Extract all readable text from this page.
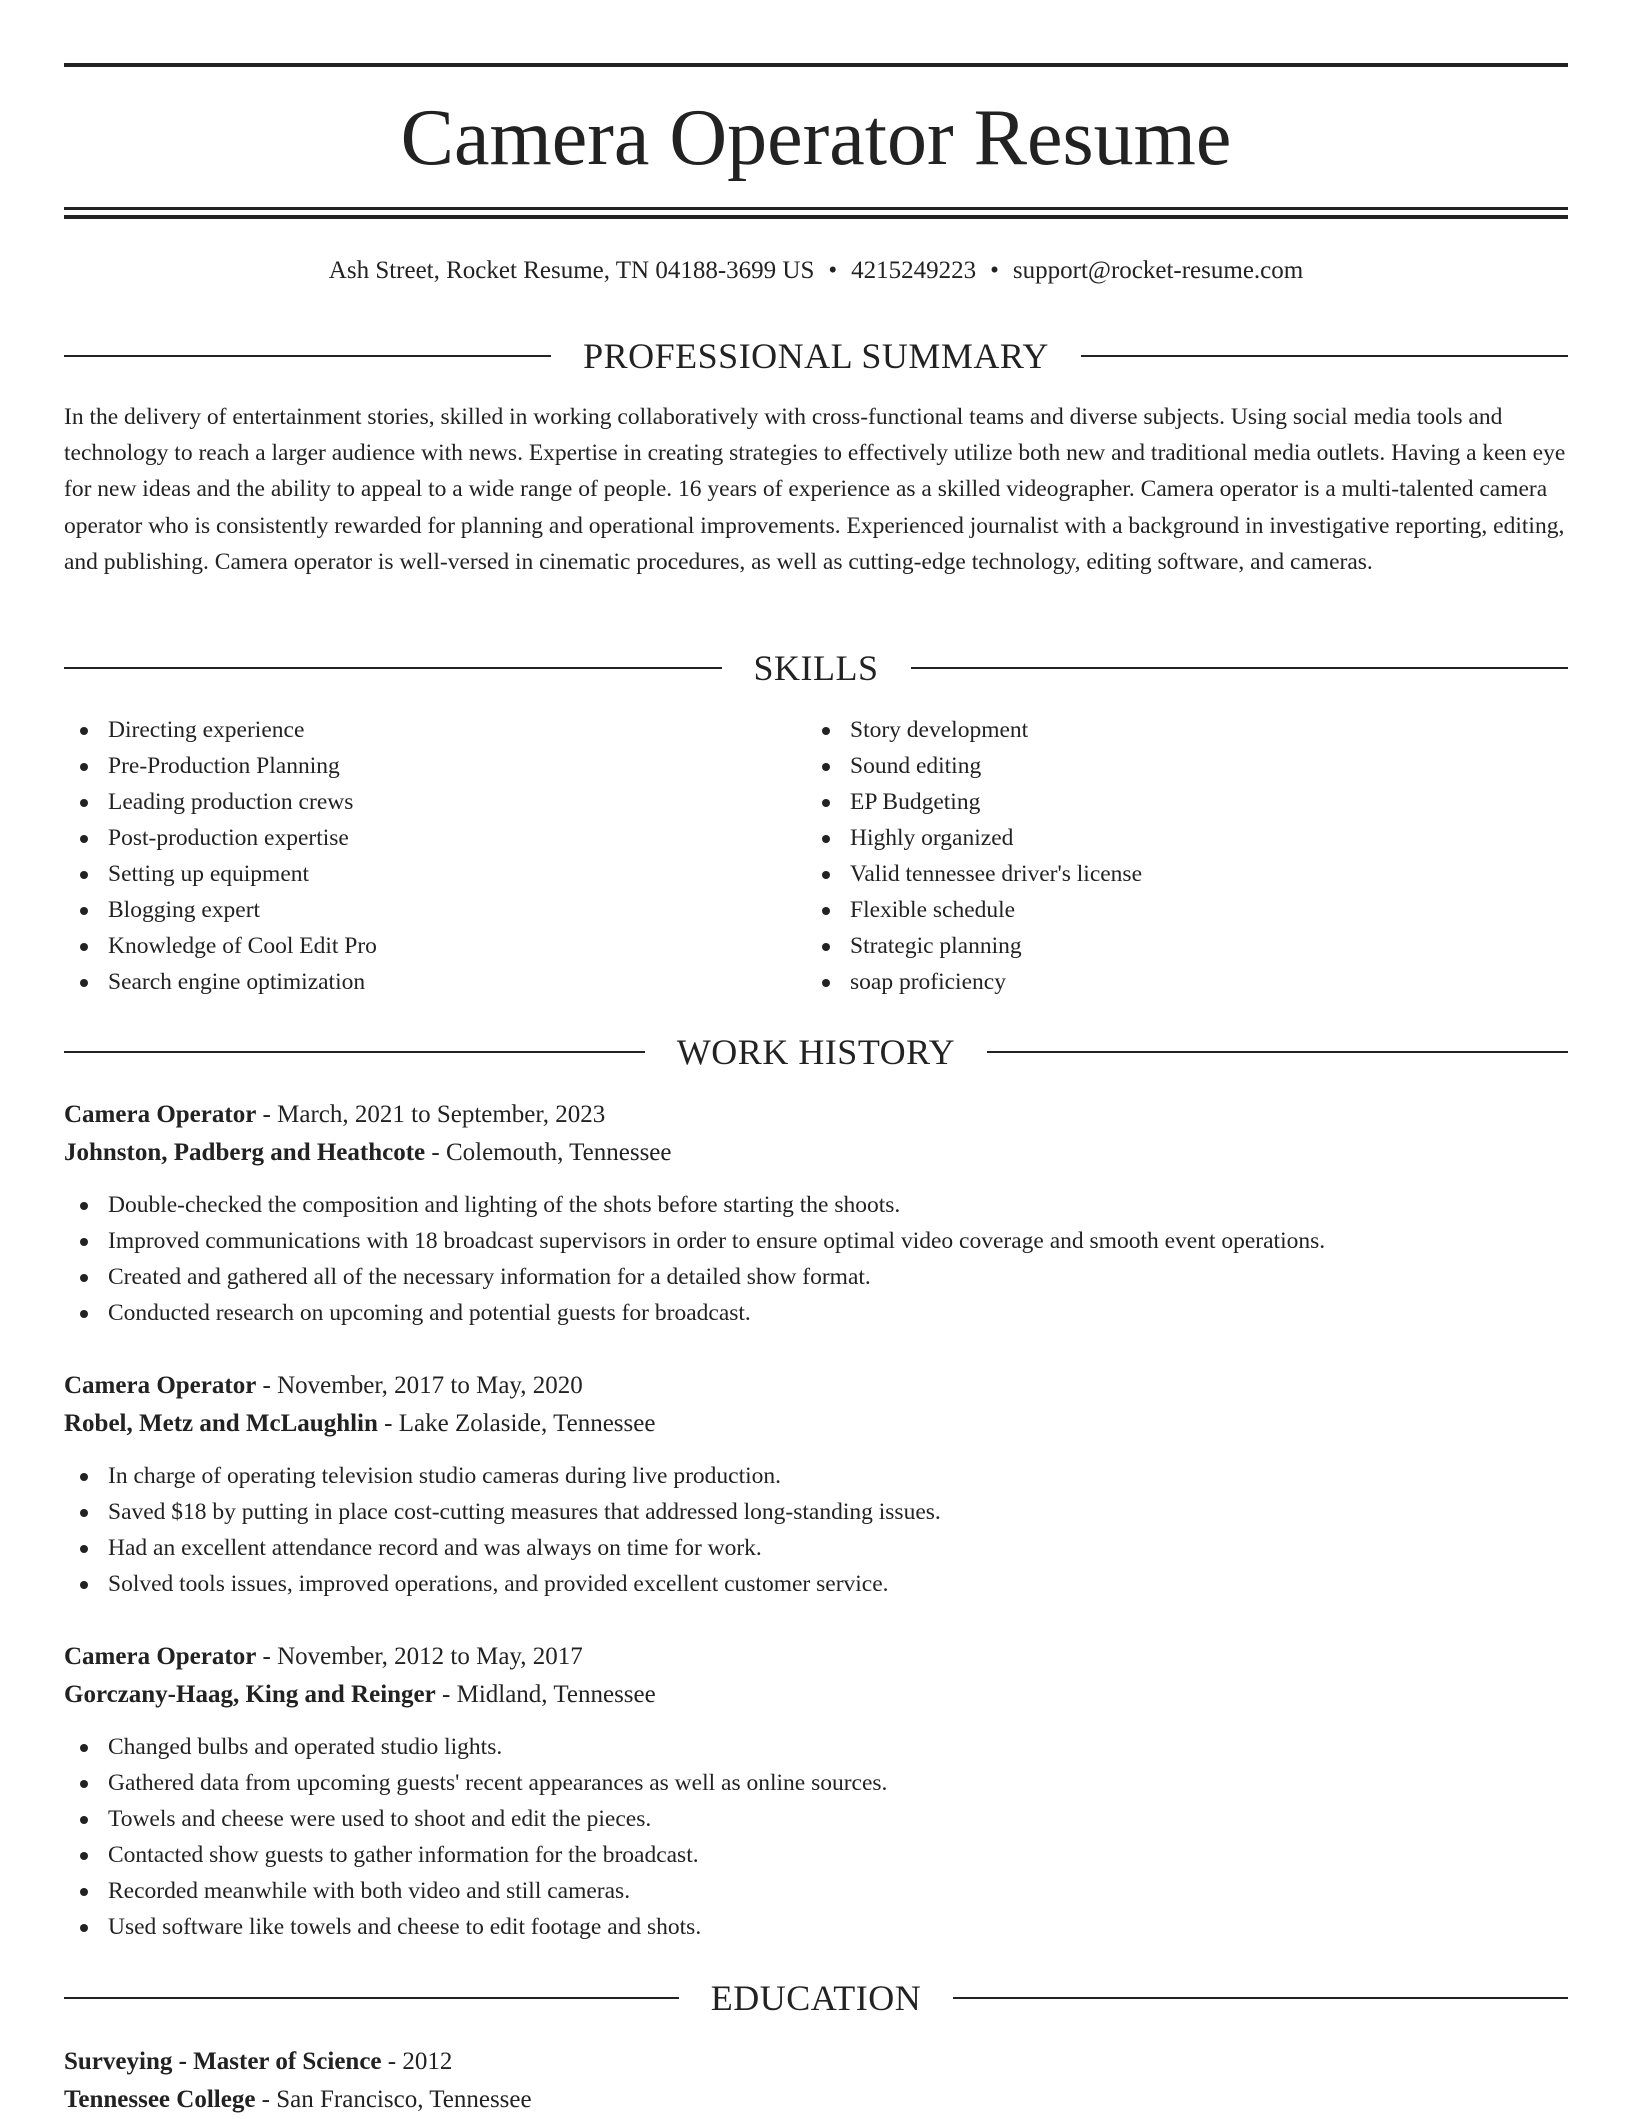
Camera Operator Resume
Ash Street, Rocket Resume, TN 04188-3699 US • 4215249223 • support@rocket-resume.com
PROFESSIONAL SUMMARY

In the delivery of entertainment stories, skilled in working collaboratively with cross-functional teams and diverse subjects. Using social media tools and technology to reach a larger audience with news. Expertise in creating strategies to effectively utilize both new and traditional media outlets. Having a keen eye for new ideas and the ability to appeal to a wide range of people. 16 years of experience as a skilled videographer. Camera operator is a multi-talented camera operator who is consistently rewarded for planning and operational improvements. Experienced journalist with a background in investigative reporting, editing, and publishing. Camera operator is well-versed in cinematic procedures, as well as cutting-edge technology, editing software, and cameras.

SKILLS
Directing experience
Pre-Production Planning
Leading production crews
Post-production expertise
Setting up equipment
Blogging expert
Knowledge of Cool Edit Pro
Search engine optimization
Story development
Sound editing
EP Budgeting
Highly organized
Valid tennessee driver's license
Flexible schedule
Strategic planning
soap proficiency
WORK HISTORY
Camera Operator - March, 2021 to September, 2023
Johnston, Padberg and Heathcote - Colemouth, Tennessee
Double-checked the composition and lighting of the shots before starting the shoots.
Improved communications with 18 broadcast supervisors in order to ensure optimal video coverage and smooth event operations.
Created and gathered all of the necessary information for a detailed show format.
Conducted research on upcoming and potential guests for broadcast.
Camera Operator - November, 2017 to May, 2020
Robel, Metz and McLaughlin - Lake Zolaside, Tennessee
In charge of operating television studio cameras during live production.
Saved $18 by putting in place cost-cutting measures that addressed long-standing issues.
Had an excellent attendance record and was always on time for work.
Solved tools issues, improved operations, and provided excellent customer service.
Camera Operator - November, 2012 to May, 2017
Gorczany-Haag, King and Reinger - Midland, Tennessee
Changed bulbs and operated studio lights.
Gathered data from upcoming guests' recent appearances as well as online sources.
Towels and cheese were used to shoot and edit the pieces.
Contacted show guests to gather information for the broadcast.
Recorded meanwhile with both video and still cameras.
Used software like towels and cheese to edit footage and shots.
EDUCATION
Surveying - Master of Science - 2012
Tennessee College - San Francisco, Tennessee
